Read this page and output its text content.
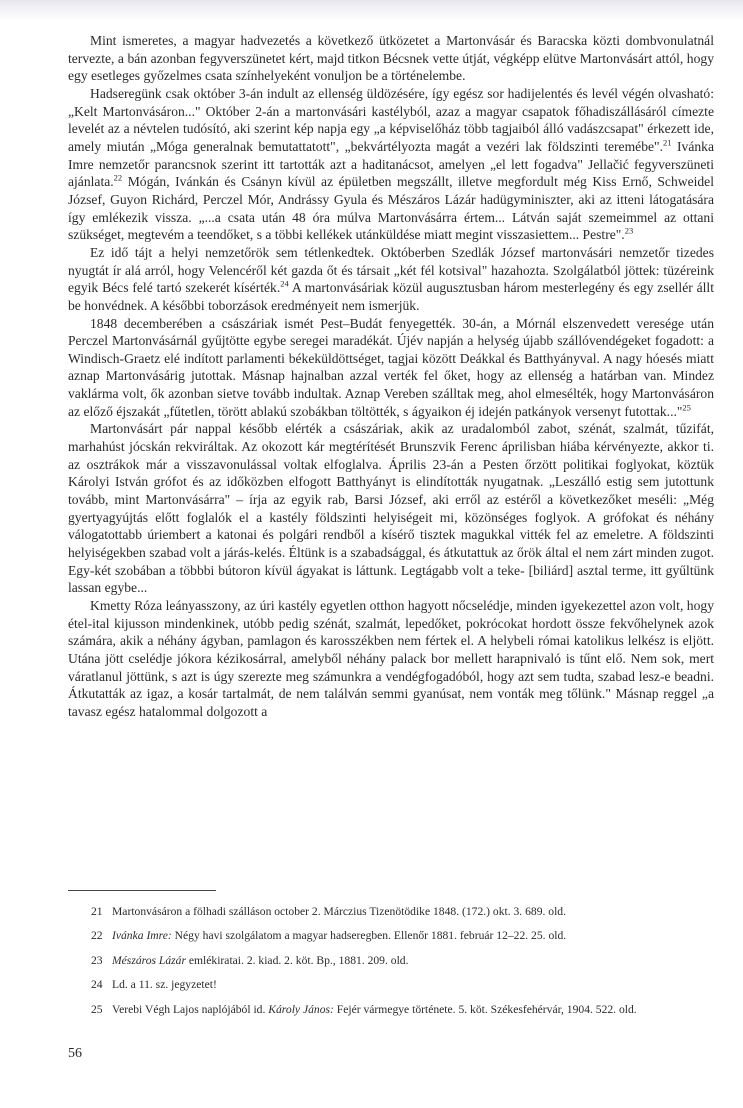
Mint ismeretes, a magyar hadvezetés a következő ütközetet a Martonvásár és Baracska közti dombvonulatnál tervezte, a bán azonban fegyverszünetet kért, majd titkon Bécsnek vette útját, végképp elütve Martonvásárt attól, hogy egy esetleges győzelmes csata színhelyeként vonuljon be a történelembe.

Hadseregünk csak október 3-án indult az ellenség üldözésére, így egész sor hadijelentés és levél végén olvasható: „Kelt Martonvásáron..." Október 2-án a martonvásári kastélyból, azaz a magyar csapatok főhadiszállásáról címezte levelét az a névtelen tudósító, aki szerint kép napja egy „a képviselőház több tagjaiból álló vadászcsapat" érkezett ide, amely miután „Móga generalnak bemutattatott", „bekvártélyozta magát a vezéri lak földszinti teremébe".$^{21}$ Ivánka Imre nemzetőr parancsnok szerint itt tartották azt a haditanácsot, amelyen „el lett fogadva" Jellačić fegyverszüneti ajánlata.$^{22}$ Mógán, Ivánkán és Csányn kívül az épületben megszállt, illetve megfordult még Kiss Ernő, Schweidel József, Guyon Richárd, Perczel Mór, Andrássy Gyula és Mészáros Lázár hadügyminiszter, aki az itteni látogatására így emlékezik vissza. „...a csata után 48 óra múlva Martonvásárra értem... Látván saját szemeimmel az ottani szükséget, megtevém a teendőket, s a többi kellékek utánküldése miatt megint visszasiettem... Pestre".$^{23}$

Ez idő tájt a helyi nemzetőrök sem tétlenkedtek. Októberben Szedlák József martonvásári nemzetőr tizedes nyugtát ír alá arról, hogy Velencéről két gazda őt és társait „két fél kotsival" hazahozta. Szolgálatból jöttek: tüzéreink egyik Bécs felé tartó szekerét kísérték.$^{24}$ A martonvásáriak közül augusztusban három mesterlegény és egy zsellér állt be honvédnek. A későbbi toborzások eredményeit nem ismerjük.

1848 decemberében a császáriak ismét Pest–Budát fenyegették. 30-án, a Mórnál elszenvedett veresége után Perczel Martonvásárnál gyűjtötte egybe seregei maradékát. Újév napján a helység újabb szállóvendégeket fogadott: a Windisch-Graetz elé indított parlamenti békeküldöttséget, tagjai között Deákkal és Batthyányval. A nagy hóesés miatt aznap Martonvásárig jutottak. Másnap hajnalban azzal verték fel őket, hogy az ellenség a határban van. Mindez vaklárma volt, ők azonban sietve tovább indultak. Aznap Vereben szálltak meg, ahol elmesélték, hogy Martonvásáron az előző éjszakát „fűtetlen, törött ablakú szobákban töltötték, s ágyaikon éj idején patkányok versenyt futottak..."$^{25}$

Martonvásárt pár nappal később elérték a császáriak, akik az uradalomból zabot, szénát, szalmát, tűzifát, marhahúst jócskán rekviráltak. Az okozott kár megtérítését Brunszvik Ferenc áprilisban hiába kérvényezte, akkor ti. az osztrákok már a visszavonulással voltak elfoglalva. Április 23-án a Pesten őrzött politikai foglyokat, köztük Károlyi István grófot és az időközben elfogott Batthyányt is elindították nyugatnak. „Leszálló estig sem jutottunk tovább, mint Martonvásárra" – írja az egyik rab, Barsi József, aki erről az estéről a következőket meséli: „Még gyertyagyújtás előtt foglalók el a kastély földszinti helyiségeit mi, közönséges foglyok. A grófokat és néhány válogatottabb úriembert a katonai és polgári rendből a kísérő tisztek magukkal vitték fel az emeletre. A földszinti helyiségekben szabad volt a járás-kelés. Éltünk is a szabadsággal, és átkutattuk az őrök által el nem zárt minden zugot. Egy-két szobában a többbi bútoron kívül ágyakat is láttunk. Legtágabb volt a teke- [biliárd] asztal terme, itt gyűltünk lassan egybe...

Kmetty Róza leányasszony, az úri kastély egyetlen otthon hagyott nőcselédje, minden igyekezettel azon volt, hogy étel-ital kijusson mindenkinek, utóbb pedig szénát, szalmát, lepedőket, pokrócokat hordott össze fekvőhelynek azok számára, akik a néhány ágyban, pamlagon és karosszékben nem fértek el. A helybeli római katolikus lelkész is eljött. Utána jött cselédje jókora kézikosárral, amelyből néhány palack bor mellett harapnivaló is tűnt elő. Nem sok, mert váratlanul jöttünk, s azt is úgy szerezte meg számunkra a vendégfogadóból, hogy azt sem tudta, szabad lesz-e beadni. Átkutatták az igaz, a kosár tartalmát, de nem találván semmi gyanúsat, nem vonták meg tőlünk." Másnap reggel „a tavasz egész hatalommal dolgozott a

21 Martonvásáron a fölhadi szálláson october 2. Márczius Tizenötödike 1848. (172.) okt. 3. 689. old.
22 Ivánka Imre: Négy havi szolgálatom a magyar hadseregben. Ellenőr 1881. február 12–22. 25. old.
23 Mészáros Lázár emlékiratai. 2. kiad. 2. köt. Bp., 1881. 209. old.
24 Ld. a 11. sz. jegyzetet!
25 Verebi Végh Lajos naplójából id. Károly János: Fejér vármegye története. 5. köt. Székesfehérvár, 1904. 522. old.
56
